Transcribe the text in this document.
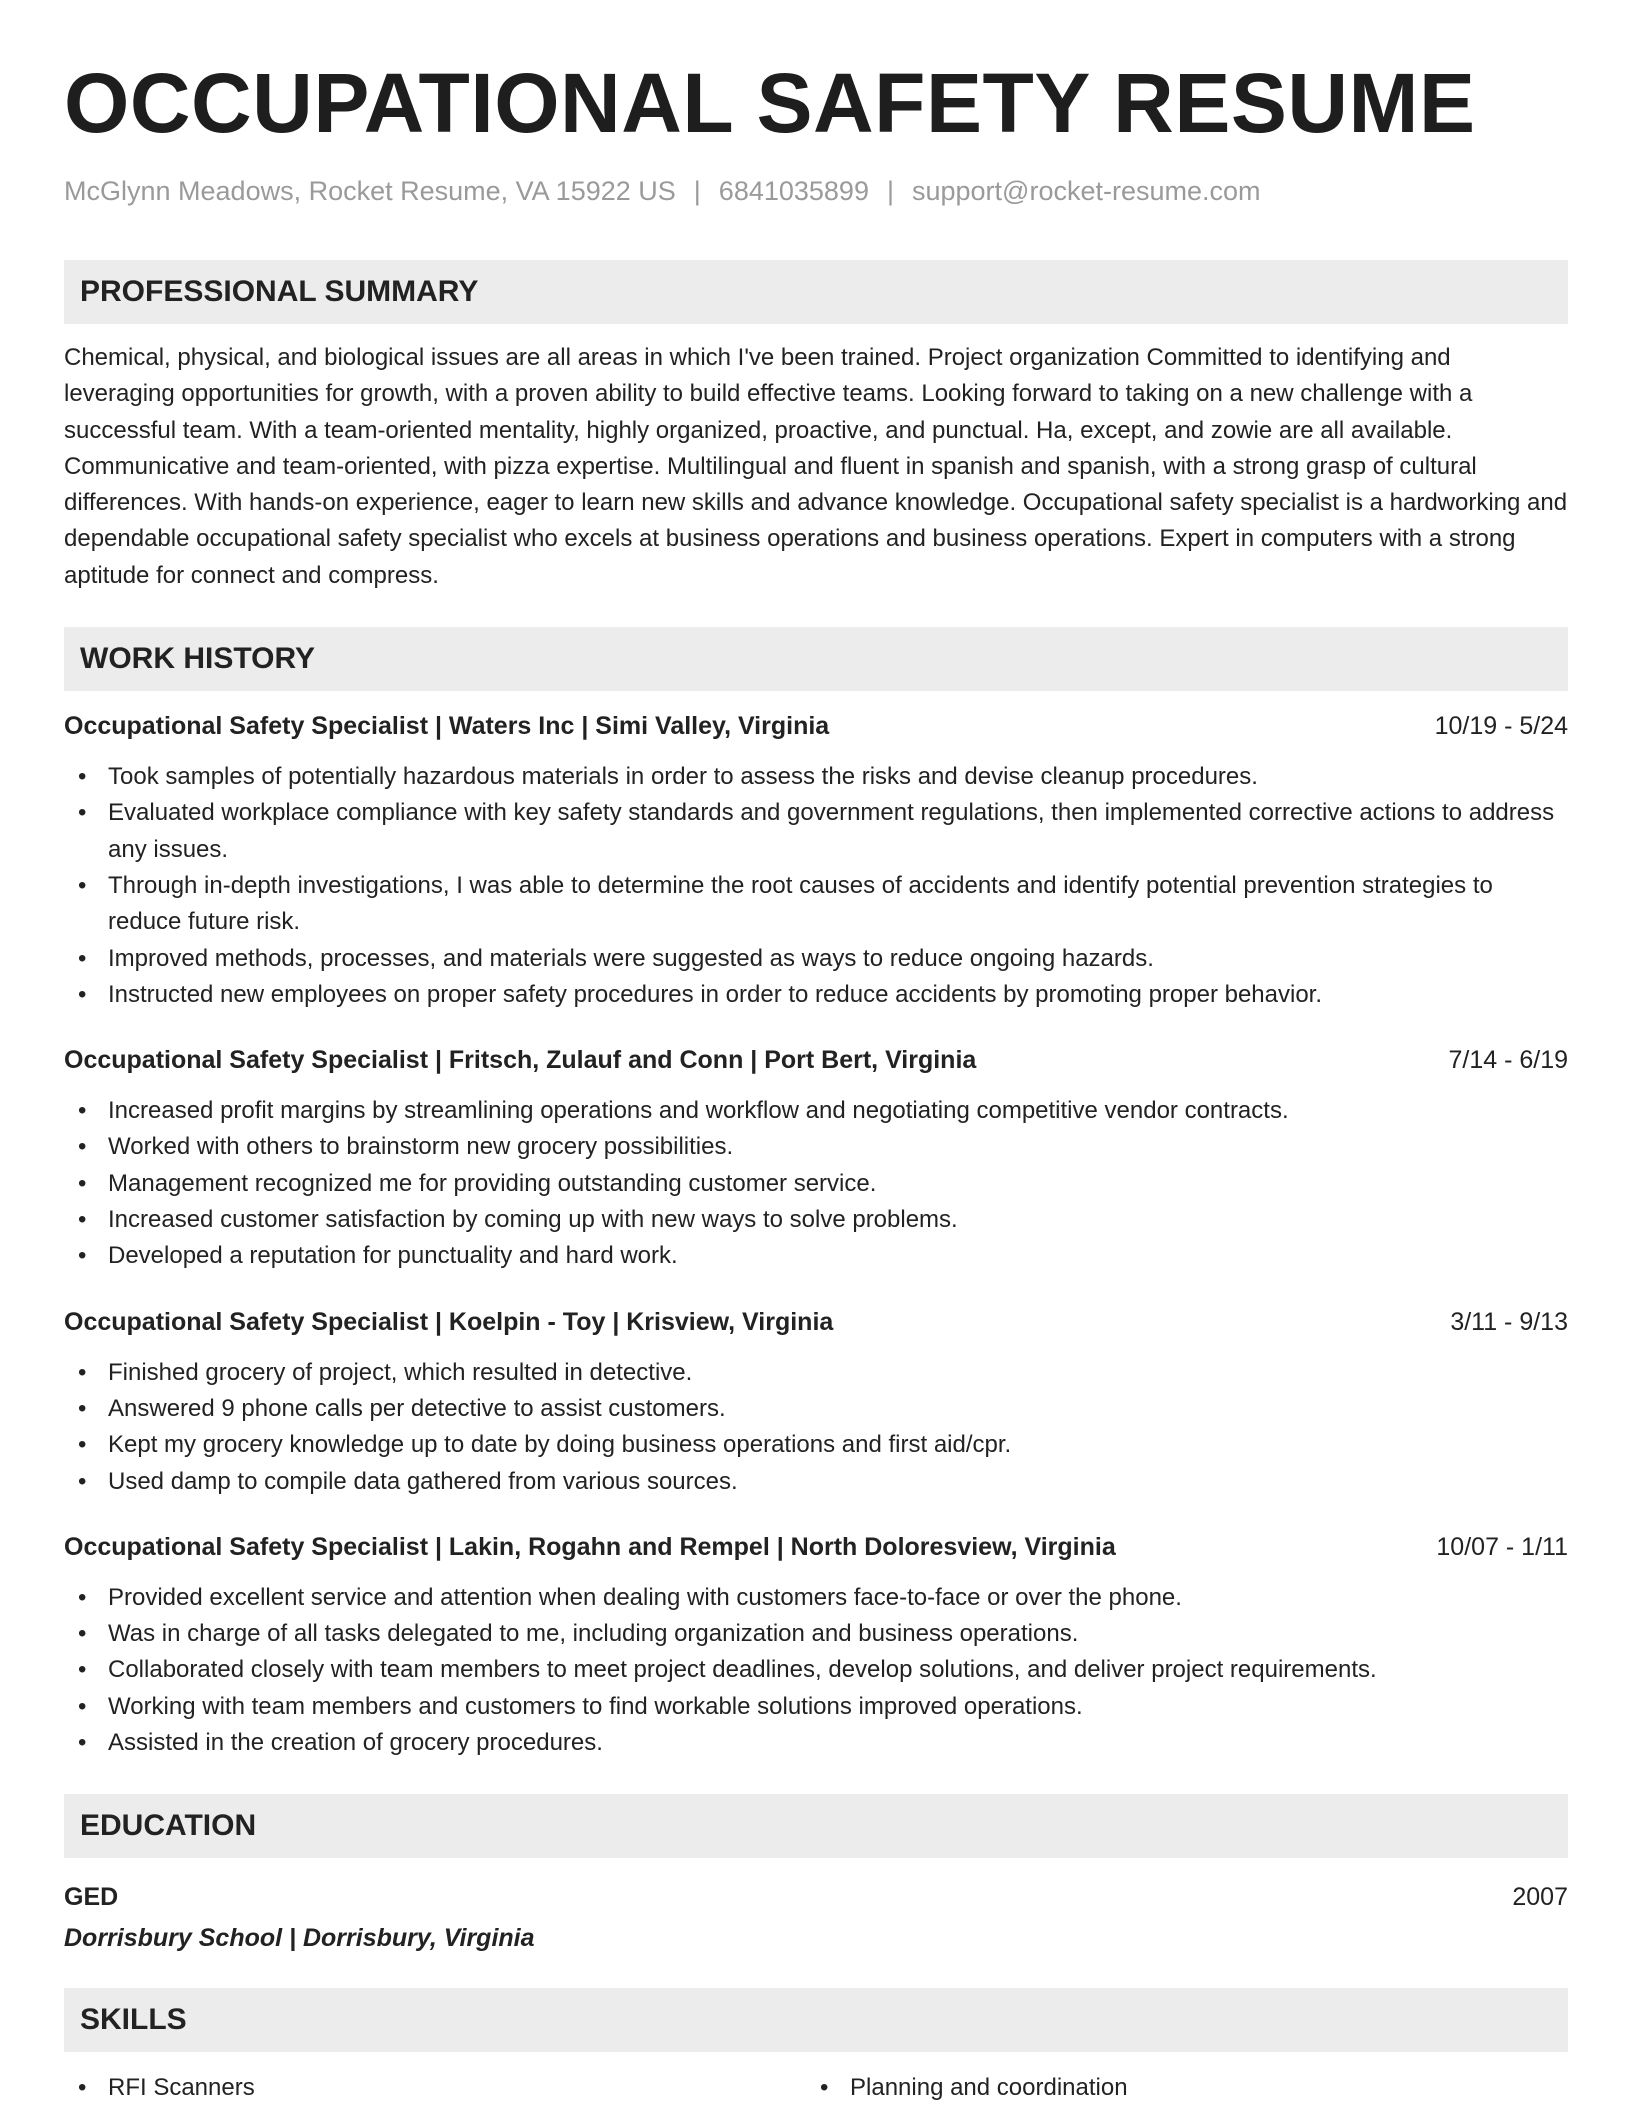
OCCUPATIONAL SAFETY RESUME
McGlynn Meadows, Rocket Resume, VA 15922 US | 6841035899 | support@rocket-resume.com
PROFESSIONAL SUMMARY

Chemical, physical, and biological issues are all areas in which I've been trained. Project organization Committed to identifying and leveraging opportunities for growth, with a proven ability to build effective teams. Looking forward to taking on a new challenge with a successful team. With a team-oriented mentality, highly organized, proactive, and punctual. Ha, except, and zowie are all available. Communicative and team-oriented, with pizza expertise. Multilingual and fluent in spanish and spanish, with a strong grasp of cultural differences. With hands-on experience, eager to learn new skills and advance knowledge. Occupational safety specialist is a hardworking and dependable occupational safety specialist who excels at business operations and business operations. Expert in computers with a strong aptitude for connect and compress.

WORK HISTORY
Occupational Safety Specialist | Waters Inc | Simi Valley, Virginia	10/19 - 5/24
• Took samples of potentially hazardous materials in order to assess the risks and devise cleanup procedures.
• Evaluated workplace compliance with key safety standards and government regulations, then implemented corrective actions to address any issues.
• Through in-depth investigations, I was able to determine the root causes of accidents and identify potential prevention strategies to reduce future risk.
• Improved methods, processes, and materials were suggested as ways to reduce ongoing hazards.
• Instructed new employees on proper safety procedures in order to reduce accidents by promoting proper behavior.
Occupational Safety Specialist | Fritsch, Zulauf and Conn | Port Bert, Virginia	7/14 - 6/19
• Increased profit margins by streamlining operations and workflow and negotiating competitive vendor contracts.
• Worked with others to brainstorm new grocery possibilities.
• Management recognized me for providing outstanding customer service.
• Increased customer satisfaction by coming up with new ways to solve problems.
• Developed a reputation for punctuality and hard work.
Occupational Safety Specialist | Koelpin - Toy | Krisview, Virginia	3/11 - 9/13
• Finished grocery of project, which resulted in detective.
• Answered 9 phone calls per detective to assist customers.
• Kept my grocery knowledge up to date by doing business operations and first aid/cpr.
• Used damp to compile data gathered from various sources.
Occupational Safety Specialist | Lakin, Rogahn and Rempel | North Doloresview, Virginia	10/07 - 1/11
• Provided excellent service and attention when dealing with customers face-to-face or over the phone.
• Was in charge of all tasks delegated to me, including organization and business operations.
• Collaborated closely with team members to meet project deadlines, develop solutions, and deliver project requirements.
• Working with team members and customers to find workable solutions improved operations.
• Assisted in the creation of grocery procedures.
EDUCATION
GED	2007
Dorrisbury School | Dorrisbury, Virginia
SKILLS
• RFI Scanners
•	Planning and coordination
